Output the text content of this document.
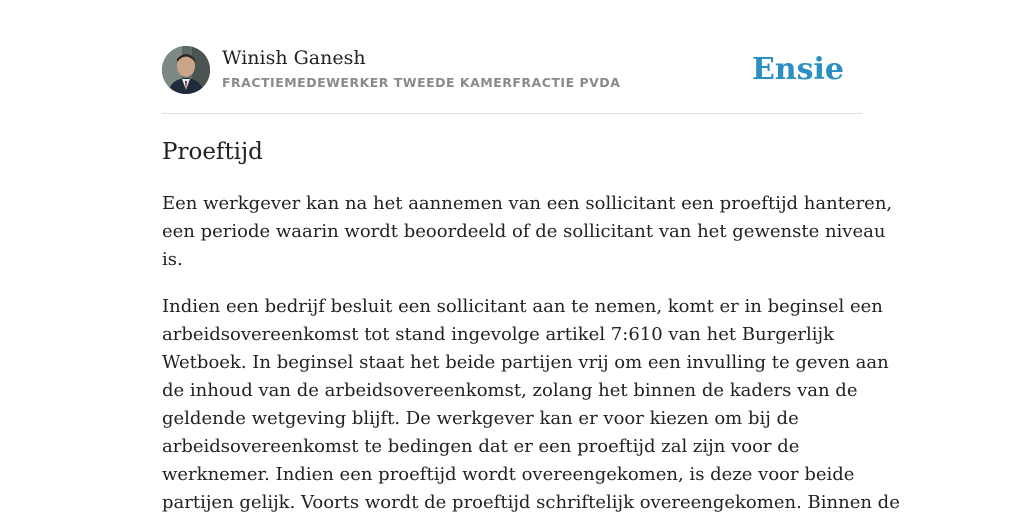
Winish Ganesh
FRACTIEMEDEWERKER TWEEDE KAMERFRACTIE PVDA	Ensie
Proeftijd

Een werkgever kan na het aannemen van een sollicitant een proeftijd hanteren,
een periode waarin wordt beoordeeld of de sollicitant van het gewenste niveau
is.

Indien een bedrijf besluit een sollicitant aan te nemen, komt er in beginsel een
arbeidsovereenkomst tot stand ingevolge artikel 7:610 van het Burgerlijk
Wetboek. In beginsel staat het beide partijen vrij om een invulling te geven aan
de inhoud van de arbeidsovereenkomst, zolang het binnen de kaders van de
geldende wetgeving blijft. De werkgever kan er voor kiezen om bij de
arbeidsovereenkomst te bedingen dat er een proeftijd zal zijn voor de
werknemer. Indien een proeftijd wordt overeengekomen, is deze voor beide
partijen gelijk. Voorts wordt de proeftijd schriftelijk overeengekomen. Binnen de
